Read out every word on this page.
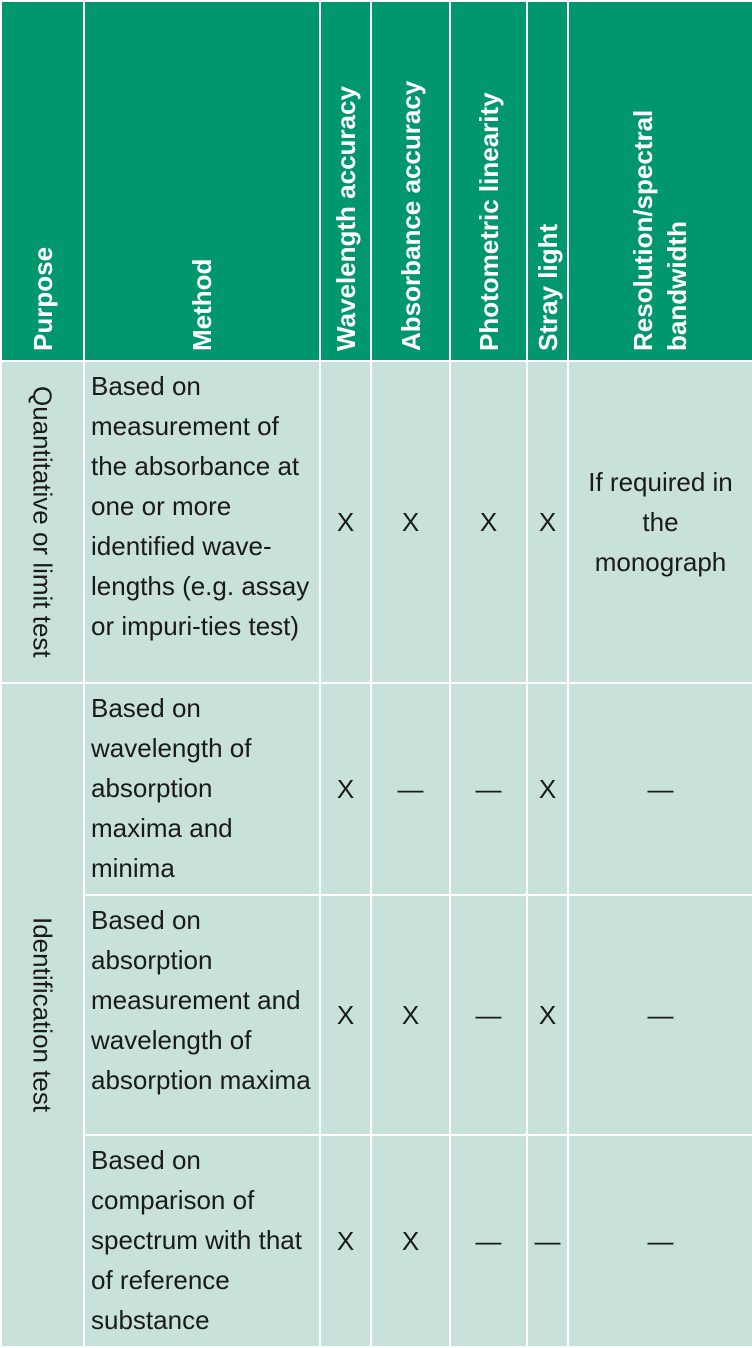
Purpose	Method	Wavelength accuracy	Absorbance accuracy	Photometric linearity	Stray light	Resolution/spectral bandwidth

Quantitative or limit test	Based on measurement of the absorbance at one or more identified wave-lengths (e.g. assay or impuri-ties test)	X	X	X	X	If required in the monograph

Identification test	Based on wavelength of absorption maxima and minima	X	—	—	X	—
	Based on absorption measurement and wavelength of absorption maxima	X	X	—	X	—
	Based on comparison of spectrum with that of reference substance	X	X	—	—	—
